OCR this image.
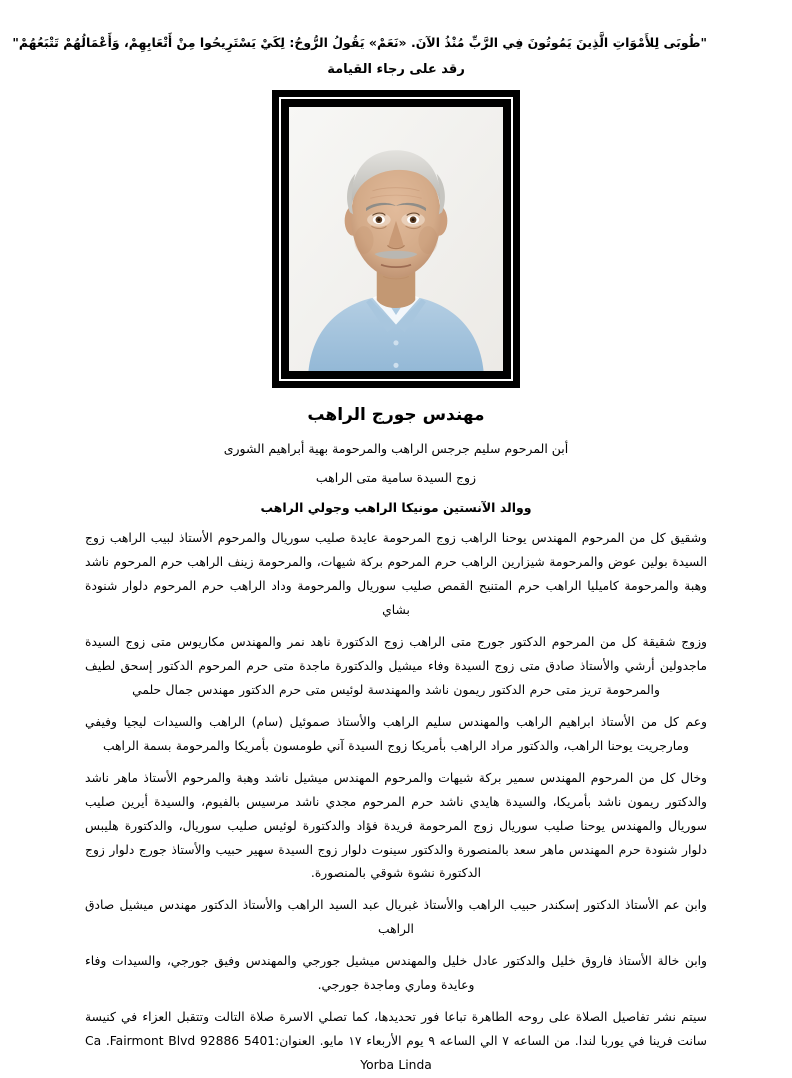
"طُوبَى لِلأَمْوَاتِ الَّذِينَ يَمُوتُونَ فِي الرَّبِّ مُنْذُ الآنَ. «نَعَمْ» يَقُولُ الرُّوحُ: لِكَيْ يَسْتَرِيحُوا مِنْ أَتْعَابِهِمْ، وَأَعْمَالُهُمْ تَتْبَعُهُمْ"
رقد على رجاء القيامة
مهندس جورج الراهب
أبن المرحوم سليم جرجس الراهب والمرحومة بهية أبراهيم الشورى
زوج السيدة سامية متى الراهب
ووالد الآنستين مونيكا الراهب وجولي الراهب

وشقيق كل من المرحوم المهندس يوحنا الراهب زوج المرحومة عايدة صليب سوريال والمرحوم الأستاذ لبيب الراهب زوج السيدة بولين عوض والمرحومة شيزارين الراهب حرم المرحوم بركة شيهات، والمرحومة زينف الراهب حرم المرحوم ناشد وهبة والمرحومة كاميليا الراهب حرم المتنيح القمص صليب سوريال والمرحومة وداد الراهب حرم المرحوم دلوار شنودة بشاي

وزوج شقيقة كل من المرحوم الدكتور جورج متى الراهب زوج الدكتورة ناهد نمر والمهندس مكاريوس متى زوج السيدة ماجدولين أرشي والأستاذ صادق متى زوج السيدة وفاء ميشيل والدكتورة ماجدة متى حرم المرحوم الدكتور إسحق لطيف والمرحومة تريز متى حرم الدكتور ريمون ناشد والمهندسة لوئيس متى حرم الدكتور مهندس جمال حلمي

وعم كل من الأستاذ ابراهيم الراهب والمهندس سليم الراهب والأستاذ صموئيل (سام) الراهب والسيدات ليجيا وفيفي ومارجريت يوحنا الراهب، والدكتور مراد الراهب بأمريكا زوج السيدة آني طومسون بأمريكا والمرحومة بسمة الراهب

وخال كل من المرحوم المهندس سمير بركة شيهات والمرحوم المهندس ميشيل ناشد وهبة والمرحوم الأستاذ ماهر ناشد والدكتور ريمون ناشد بأمريكا، والسيدة هايدي ناشد حرم المرحوم مجدي ناشد مرسيس بالفيوم، والسيدة أيرين صليب سوريال والمهندس يوحنا صليب سوريال زوج المرحومة فريدة فؤاد والدكتورة لوئيس صليب سوريال، والدكتورة هليبس دلوار شنودة حرم المهندس ماهر سعد بالمنصورة والدكتور سينوت دلوار زوج السيدة سهير حبيب والأستاذ جورج دلوار زوج الدكتورة نشوة شوقي بالمنصورة.

وابن عم الأستاذ الدكتور إسكندر حبيب الراهب والأستاذ غبريال عبد السيد الراهب والأستاذ الدكتور مهندس ميشيل صادق الراهب

وابن خالة الأستاذ فاروق خليل والدكتور عادل خليل والمهندس ميشيل جورجي والمهندس وفيق جورجي، والسيدات وفاء وعايدة وماري وماجدة جورجي.

سيتم نشر تفاصيل الصلاة على روحه الطاهرة تباعا فور تحديدها، كما تصلي الاسرة صلاة التالت وتتقبل العزاء في كنيسة سانت فرينا في يوربا لندا. من الساعه ٧ الي الساعه ٩ يوم الأربعاء ١٧ مايو. العنوان:5401 92886 Ca .Fairmont Blvd Yorba Linda
